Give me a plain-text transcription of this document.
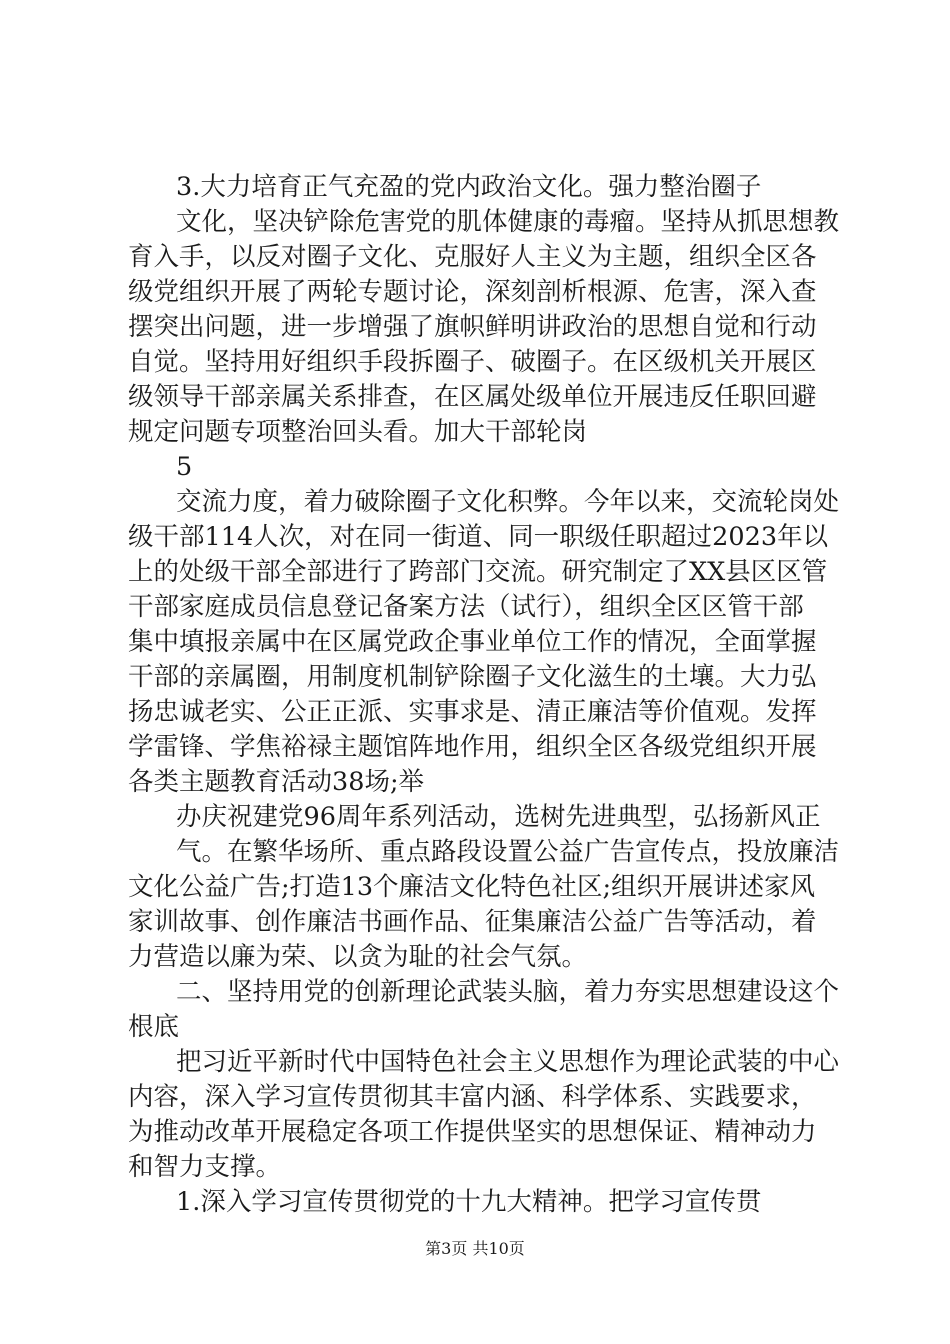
3.大力培育正气充盈的党内政治文化。强力整治圈子
文化，坚决铲除危害党的肌体健康的毒瘤。坚持从抓思想教
育入手，以反对圈子文化、克服好人主义为主题，组织全区各
级党组织开展了两轮专题讨论，深刻剖析根源、危害，深入查
摆突出问题，进一步增强了旗帜鲜明讲政治的思想自觉和行动
自觉。坚持用好组织手段拆圈子、破圈子。在区级机关开展区
级领导干部亲属关系排查，在区属处级单位开展违反任职回避
规定问题专项整治回头看。加大干部轮岗
5
交流力度，着力破除圈子文化积弊。今年以来，交流轮岗处
级干部114人次，对在同一街道、同一职级任职超过2023年以
上的处级干部全部进行了跨部门交流。研究制定了XX县区区管
干部家庭成员信息登记备案方法（试行），组织全区区管干部
集中填报亲属中在区属党政企事业单位工作的情况，全面掌握
干部的亲属圈，用制度机制铲除圈子文化滋生的土壤。大力弘
扬忠诚老实、公正正派、实事求是、清正廉洁等价值观。发挥
学雷锋、学焦裕禄主题馆阵地作用，组织全区各级党组织开展
各类主题教育活动38场;举
办庆祝建党96周年系列活动，选树先进典型，弘扬新风正
气。在繁华场所、重点路段设置公益广告宣传点，投放廉洁
文化公益广告;打造13个廉洁文化特色社区;组织开展讲述家风
家训故事、创作廉洁书画作品、征集廉洁公益广告等活动，着
力营造以廉为荣、以贪为耻的社会气氛。
二、坚持用党的创新理论武装头脑，着力夯实思想建设这个
根底
把习近平新时代中国特色社会主义思想作为理论武装的中心
内容，深入学习宣传贯彻其丰富内涵、科学体系、实践要求，
为推动改革开展稳定各项工作提供坚实的思想保证、精神动力
和智力支撑。
1.深入学习宣传贯彻党的十九大精神。把学习宣传贯
第3页 共10页
